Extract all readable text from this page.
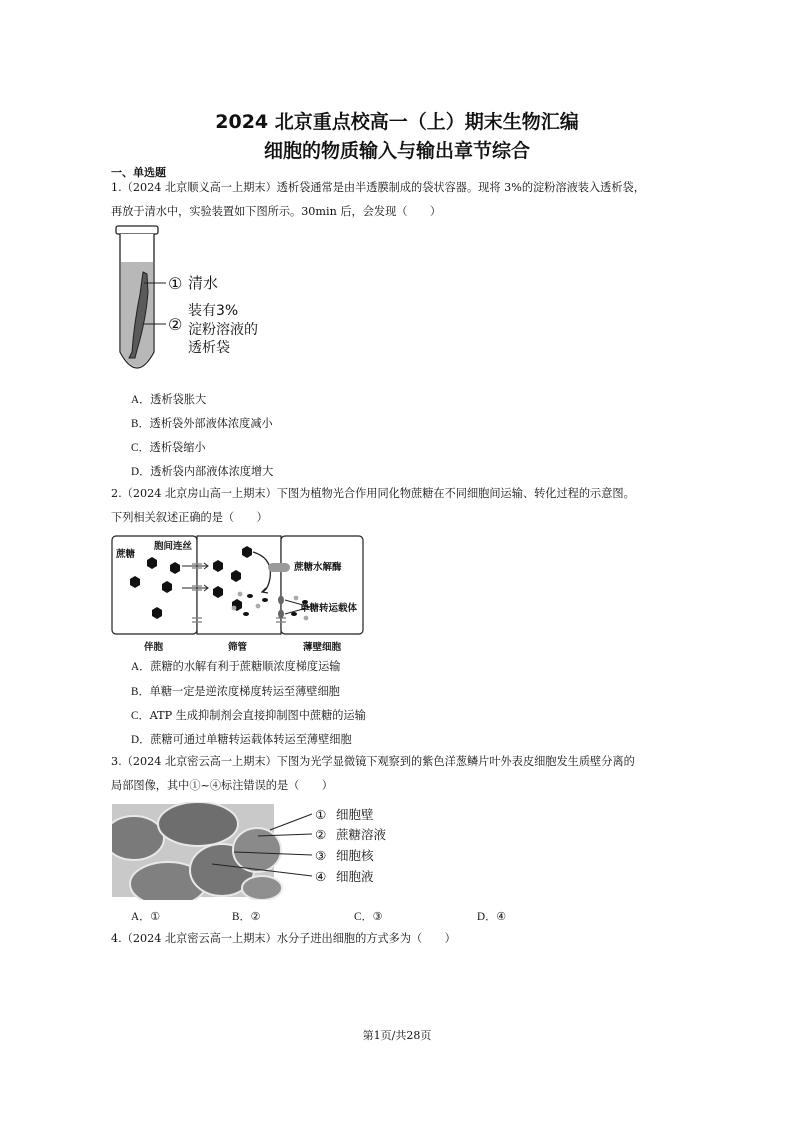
2024 北京重点校高一（上）期末生物汇编
细胞的物质输入与输出章节综合
一、单选题
1.（2024 北京顺义高一上期末）透析袋通常是由半透膜制成的袋状容器。现将 3%的淀粉溶液装入透析袋，
再放于清水中，实验装置如下图所示。30min 后，会发现（　　）
① 清水
②
装有3%
淀粉溶液的
透析袋
A．透析袋胀大
B．透析袋外部液体浓度减小
C．透析袋缩小
D．透析袋内部液体浓度增大
2.（2024 北京房山高一上期末）下图为植物光合作用同化物蔗糖在不同细胞间运输、转化过程的示意图。
下列相关叙述正确的是（　　）
蔗糖
胞间连丝
蔗糖水解酶
单糖转运载体
伴胞	筛管	薄壁细胞
A．蔗糖的水解有利于蔗糖顺浓度梯度运输
B．单糖一定是逆浓度梯度转运至薄壁细胞
C．ATP 生成抑制剂会直接抑制图中蔗糖的运输
D．蔗糖可通过单糖转运载体转运至薄壁细胞
3.（2024 北京密云高一上期末）下图为光学显微镜下观察到的紫色洋葱鳞片叶外表皮细胞发生质壁分离的
局部图像，其中①~④标注错误的是（　　）
① 细胞壁
② 蔗糖溶液
③ 细胞核
④ 细胞液
A．①	B．②	C．③	D．④
4.（2024 北京密云高一上期末）水分子进出细胞的方式多为（　　）
第1页/共28页
